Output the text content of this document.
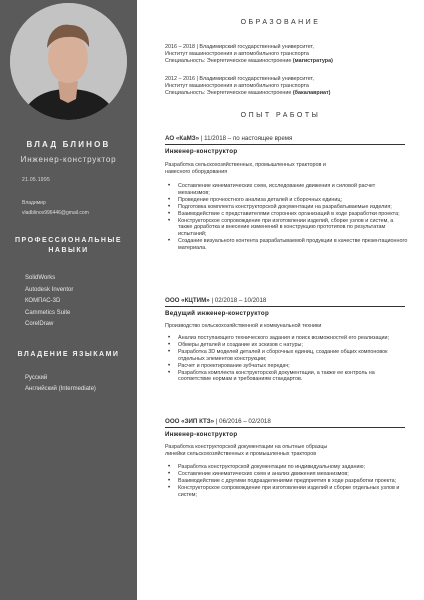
ВЛАД БЛИНОВ
Инженер-конструктор
21.05.1995
Владимир
vladblinov996446@gmail.com
ПРОФЕССИОНАЛЬНЫЕ
НАВЫКИ
SolidWorks
Autodesk Inventor
КОМПАС-3D
Cammetics Suite
CorelDraw
ВЛАДЕНИЕ ЯЗЫКАМИ
Русский
Английский (Intermediate)
ОБРАЗОВАНИЕ
2016 – 2018 | Владимирский государственный университет,
Институт машиностроения и автомобильного транспорта
Специальность: Энергетическое машиностроение (магистратура)
2012 – 2016 | Владимирский государственный университет,
Институт машиностроения и автомобильного транспорта
Специальность: Энергетическое машиностроение (бакалавриат)
ОПЫТ РАБОТЫ
АО «КаМЗ» | 11/2018 – по настоящее время
Инженер-конструктор
Разработка сельскохозяйственных, промышленных тракторов и
навесного оборудования
• Составление кинематических схем, исследование движения и силовой расчет механизмов;
• Проведение прочностного анализа деталей и сборочных единиц;
• Подготовка комплекта конструкторской документации на разрабатываемые изделия;
• Взаимодействие с представителями сторонних организаций в ходе разработки проекта;
• Конструкторское сопровождение при изготовлении изделий, сборке узлов и систем, а также доработка и внесение изменений в конструкцию прототипов по результатам испытаний;
• Создание визуального контента разрабатываемой продукции в качестве презентационного материала.
ООО «КЦТИМ» | 02/2018 – 10/2018
Ведущий инженер-конструктор
Производство сельскохозяйственной и коммунальной техники
• Анализ поступающего технического задания и поиск возможностей его реализации;
• Обмеры деталей и создание их эскизов с натуры;
• Разработка 3D моделей деталей и сборочных единиц, создание общих компоновок отдельных элементов конструкции;
• Расчет и проектирование зубчатых передач;
• Разработка комплекта конструкторской документации, а также ее контроль на соответствие нормам и требованиям стандартов.
ООО «ЗИП КТЗ» | 06/2016 – 02/2018
Инженер-конструктор
Разработка конструкторской документации на опытные образцы
линейки сельскохозяйственных и промышленных тракторов
• Разработка конструкторской документации по индивидуальному заданию;
• Составление кинематических схем и анализ движения механизмов;
• Взаимодействие с другими подразделениями предприятия в ходе разработки проекта;
• Конструкторское сопровождение при изготовлении изделий и сборке отдельных узлов и систем;
